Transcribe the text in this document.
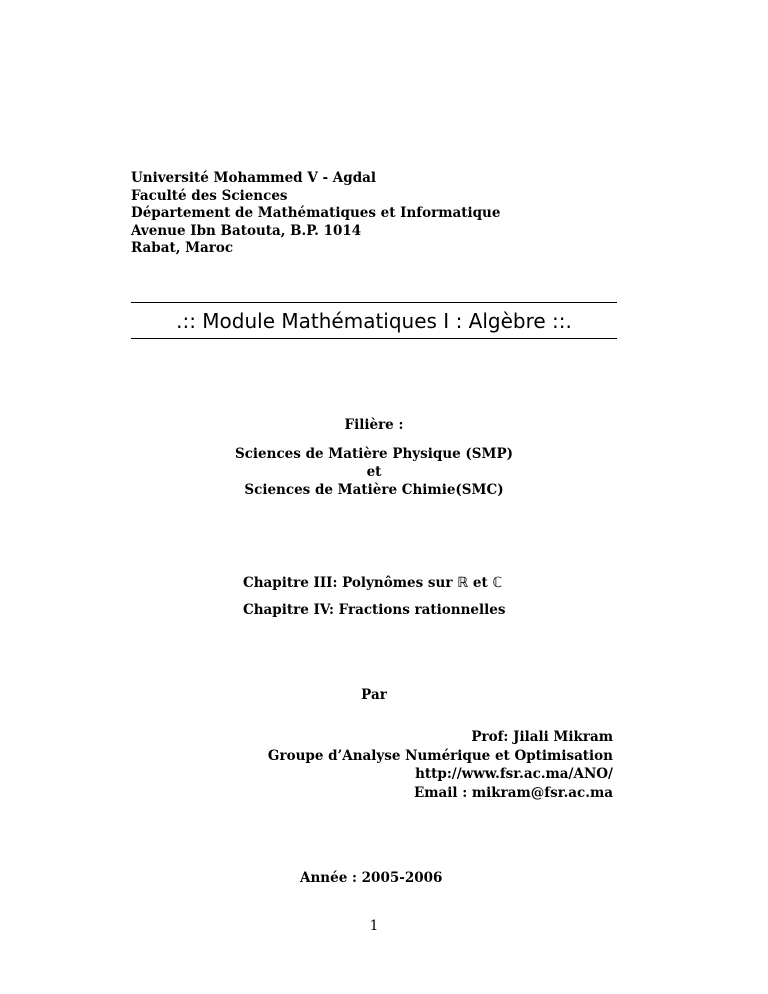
Université Mohammed V - Agdal
Faculté des Sciences
Département de Mathématiques et Informatique
Avenue Ibn Batouta, B.P. 1014
Rabat, Maroc
.:: Module Mathématiques I : Algèbre ::.
Filière :
Sciences de Matière Physique (SMP)
et
Sciences de Matière Chimie(SMC)
Chapitre III: Polynômes sur ℝ et ℂ
Chapitre IV: Fractions rationnelles
Par
Prof: Jilali Mikram
Groupe d’Analyse Numérique et Optimisation
http://www.fsr.ac.ma/ANO/
Email : mikram@fsr.ac.ma
Année : 2005-2006
1
